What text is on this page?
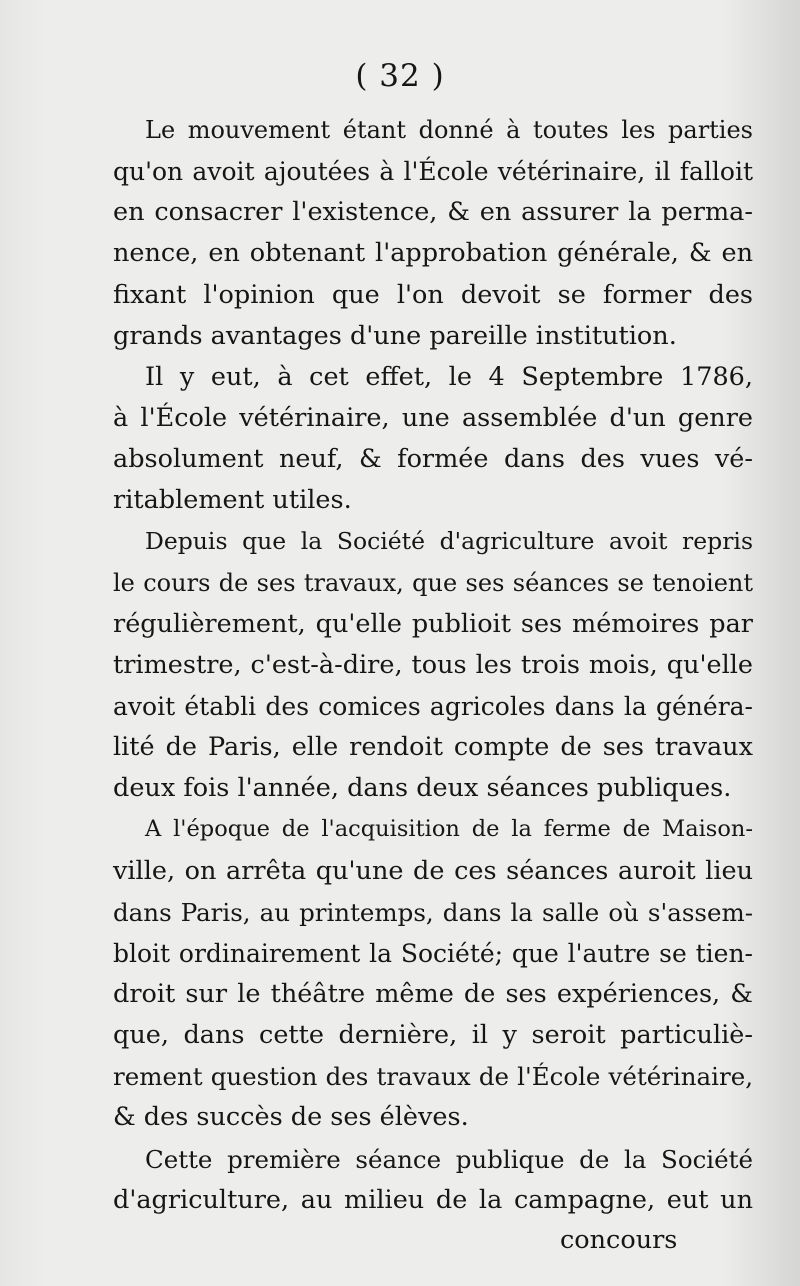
( 32 )
Le mouvement étant donné à toutes les parties
qu'on avoit ajoutées à l'École vétérinaire, il falloit
en consacrer l'existence, & en assurer la perma-
nence, en obtenant l'approbation générale, & en
fixant l'opinion que l'on devoit se former des
grands avantages d'une pareille institution.
Il y eut, à cet effet, le 4 Septembre 1786,
à l'École vétérinaire, une assemblée d'un genre
absolument neuf, & formée dans des vues vé-
ritablement utiles.
Depuis que la Société d'agriculture avoit repris
le cours de ses travaux, que ses séances se tenoient
régulièrement, qu'elle publioit ses mémoires par
trimestre, c'est-à-dire, tous les trois mois, qu'elle
avoit établi des comices agricoles dans la généra-
lité de Paris, elle rendoit compte de ses travaux
deux fois l'année, dans deux séances publiques.
A l'époque de l'acquisition de la ferme de Maison-
ville, on arrêta qu'une de ces séances auroit lieu
dans Paris, au printemps, dans la salle où s'assem-
bloit ordinairement la Société; que l'autre se tien-
droit sur le théâtre même de ses expériences, &
que, dans cette dernière, il y seroit particuliè-
rement question des travaux de l'École vétérinaire,
& des succès de ses élèves.
Cette première séance publique de la Société
d'agriculture, au milieu de la campagne, eut un
concours
